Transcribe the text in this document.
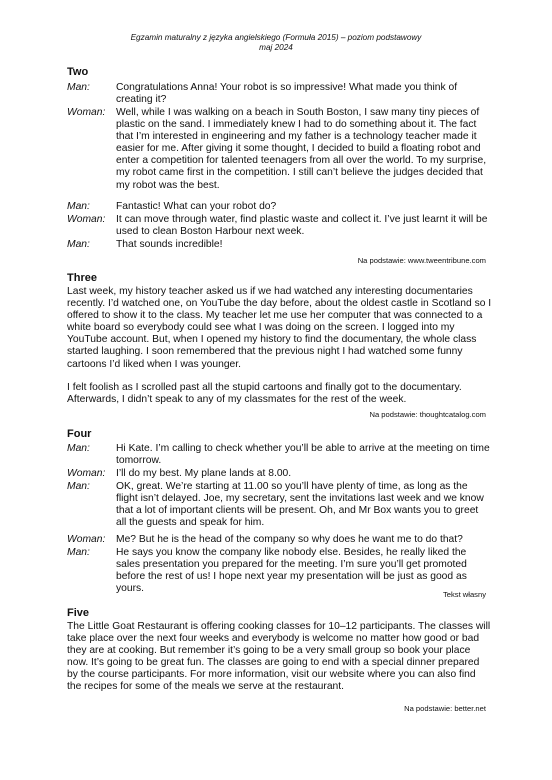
Egzamin maturalny z języka angielskiego (Formuła 2015) – poziom podstawowy
maj 2024
Two
Man:	Congratulations Anna! Your robot is so impressive! What made you think of creating it?
Woman: Well, while I was walking on a beach in South Boston, I saw many tiny pieces of plastic on the sand. I immediately knew I had to do something about it. The fact that I’m interested in engineering and my father is a technology teacher made it easier for me. After giving it some thought, I decided to build a floating robot and enter a competition for talented teenagers from all over the world. To my surprise, my robot came first in the competition. I still can’t believe the judges decided that my robot was the best.
Man:	Fantastic! What can your robot do?
Woman: It can move through water, find plastic waste and collect it. I’ve just learnt it will be used to clean Boston Harbour next week.
Man:	That sounds incredible!
Na podstawie: www.tweentribune.com
Three
Last week, my history teacher asked us if we had watched any interesting documentaries recently. I’d watched one, on YouTube the day before, about the oldest castle in Scotland so I offered to show it to the class. My teacher let me use her computer that was connected to a white board so everybody could see what I was doing on the screen. I logged into my YouTube account. But, when I opened my history to find the documentary, the whole class started laughing. I soon remembered that the previous night I had watched some funny cartoons I’d liked when I was younger.
I felt foolish as I scrolled past all the stupid cartoons and finally got to the documentary. Afterwards, I didn’t speak to any of my classmates for the rest of the week.
Na podstawie: thoughtcatalog.com
Four
Man:	Hi Kate. I’m calling to check whether you’ll be able to arrive at the meeting on time tomorrow.
Woman: I’ll do my best. My plane lands at 8.00.
Man:	OK, great. We’re starting at 11.00 so you’ll have plenty of time, as long as the flight isn’t delayed. Joe, my secretary, sent the invitations last week and we know that a lot of important clients will be present. Oh, and Mr Box wants you to greet all the guests and speak for him.
Woman: Me? But he is the head of the company so why does he want me to do that?
Man:	He says you know the company like nobody else. Besides, he really liked the sales presentation you prepared for the meeting. I’m sure you’ll get promoted before the rest of us! I hope next year my presentation will be just as good as yours.
Tekst własny
Five
The Little Goat Restaurant is offering cooking classes for 10–12 participants. The classes will take place over the next four weeks and everybody is welcome no matter how good or bad they are at cooking. But remember it’s going to be a very small group so book your place now. It’s going to be great fun. The classes are going to end with a special dinner prepared by the course participants. For more information, visit our website where you can also find the recipes for some of the meals we serve at the restaurant.
Na podstawie: better.net
